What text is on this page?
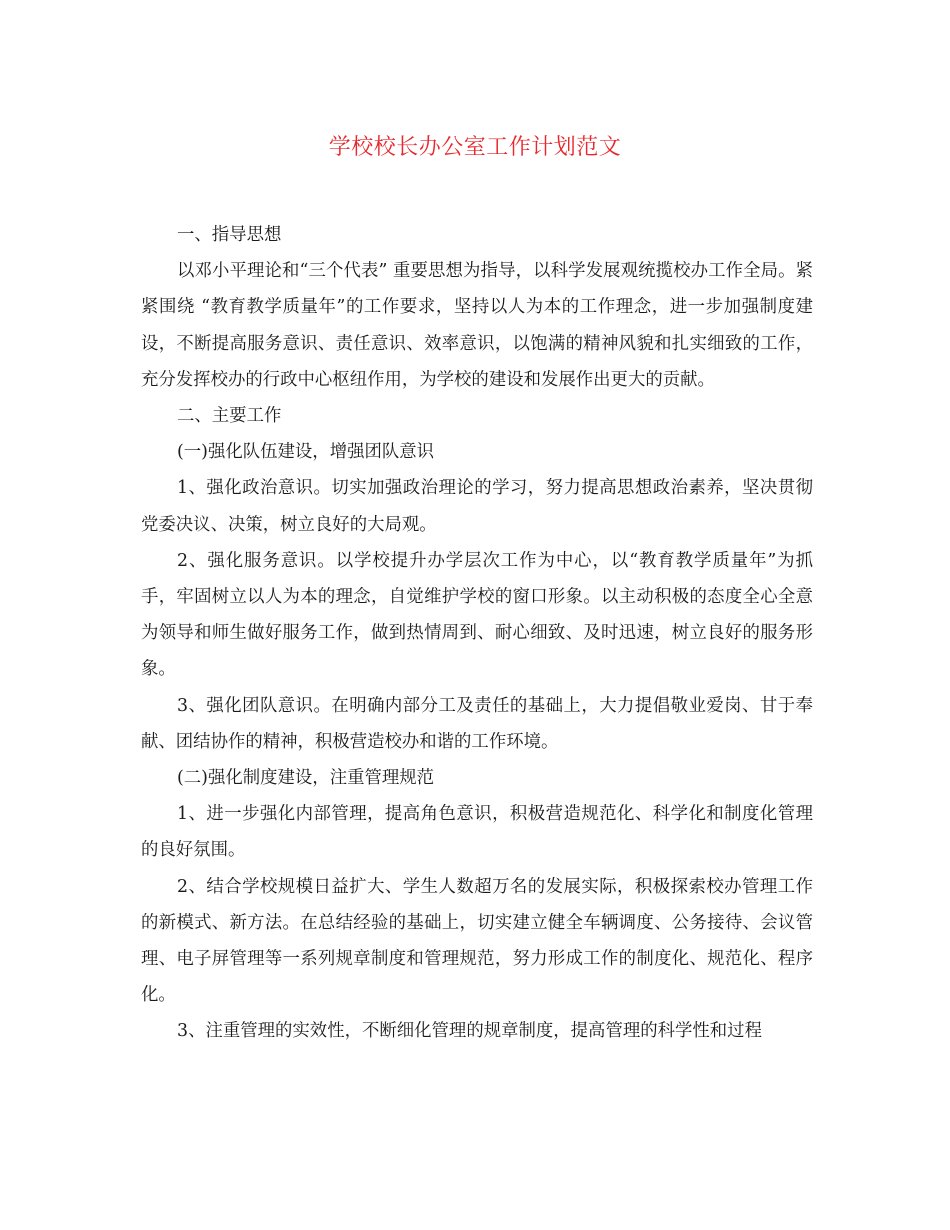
学校校长办公室工作计划范文

一、指导思想

以邓小平理论和“三个代表” 重要思想为指导，以科学发展观统揽校办工作全局。紧紧围绕 “教育教学质量年”的工作要求，坚持以人为本的工作理念，进一步加强制度建设，不断提高服务意识、责任意识、效率意识，以饱满的精神风貌和扎实细致的工作，充分发挥校办的行政中心枢纽作用，为学校的建设和发展作出更大的贡献。

二、主要工作

(一)强化队伍建设，增强团队意识

1、强化政治意识。切实加强政治理论的学习，努力提高思想政治素养，坚决贯彻党委决议、决策，树立良好的大局观。

2、强化服务意识。以学校提升办学层次工作为中心，以“教育教学质量年”为抓手，牢固树立以人为本的理念，自觉维护学校的窗口形象。以主动积极的态度全心全意为领导和师生做好服务工作，做到热情周到、耐心细致、及时迅速，树立良好的服务形象。

3、强化团队意识。在明确内部分工及责任的基础上，大力提倡敬业爱岗、甘于奉献、团结协作的精神，积极营造校办和谐的工作环境。

(二)强化制度建设，注重管理规范

1、进一步强化内部管理，提高角色意识，积极营造规范化、科学化和制度化管理的良好氛围。

2、结合学校规模日益扩大、学生人数超万名的发展实际，积极探索校办管理工作的新模式、新方法。在总结经验的基础上，切实建立健全车辆调度、公务接待、会议管理、电子屏管理等一系列规章制度和管理规范，努力形成工作的制度化、规范化、程序化。

3、注重管理的实效性，不断细化管理的规章制度，提高管理的科学性和过程
